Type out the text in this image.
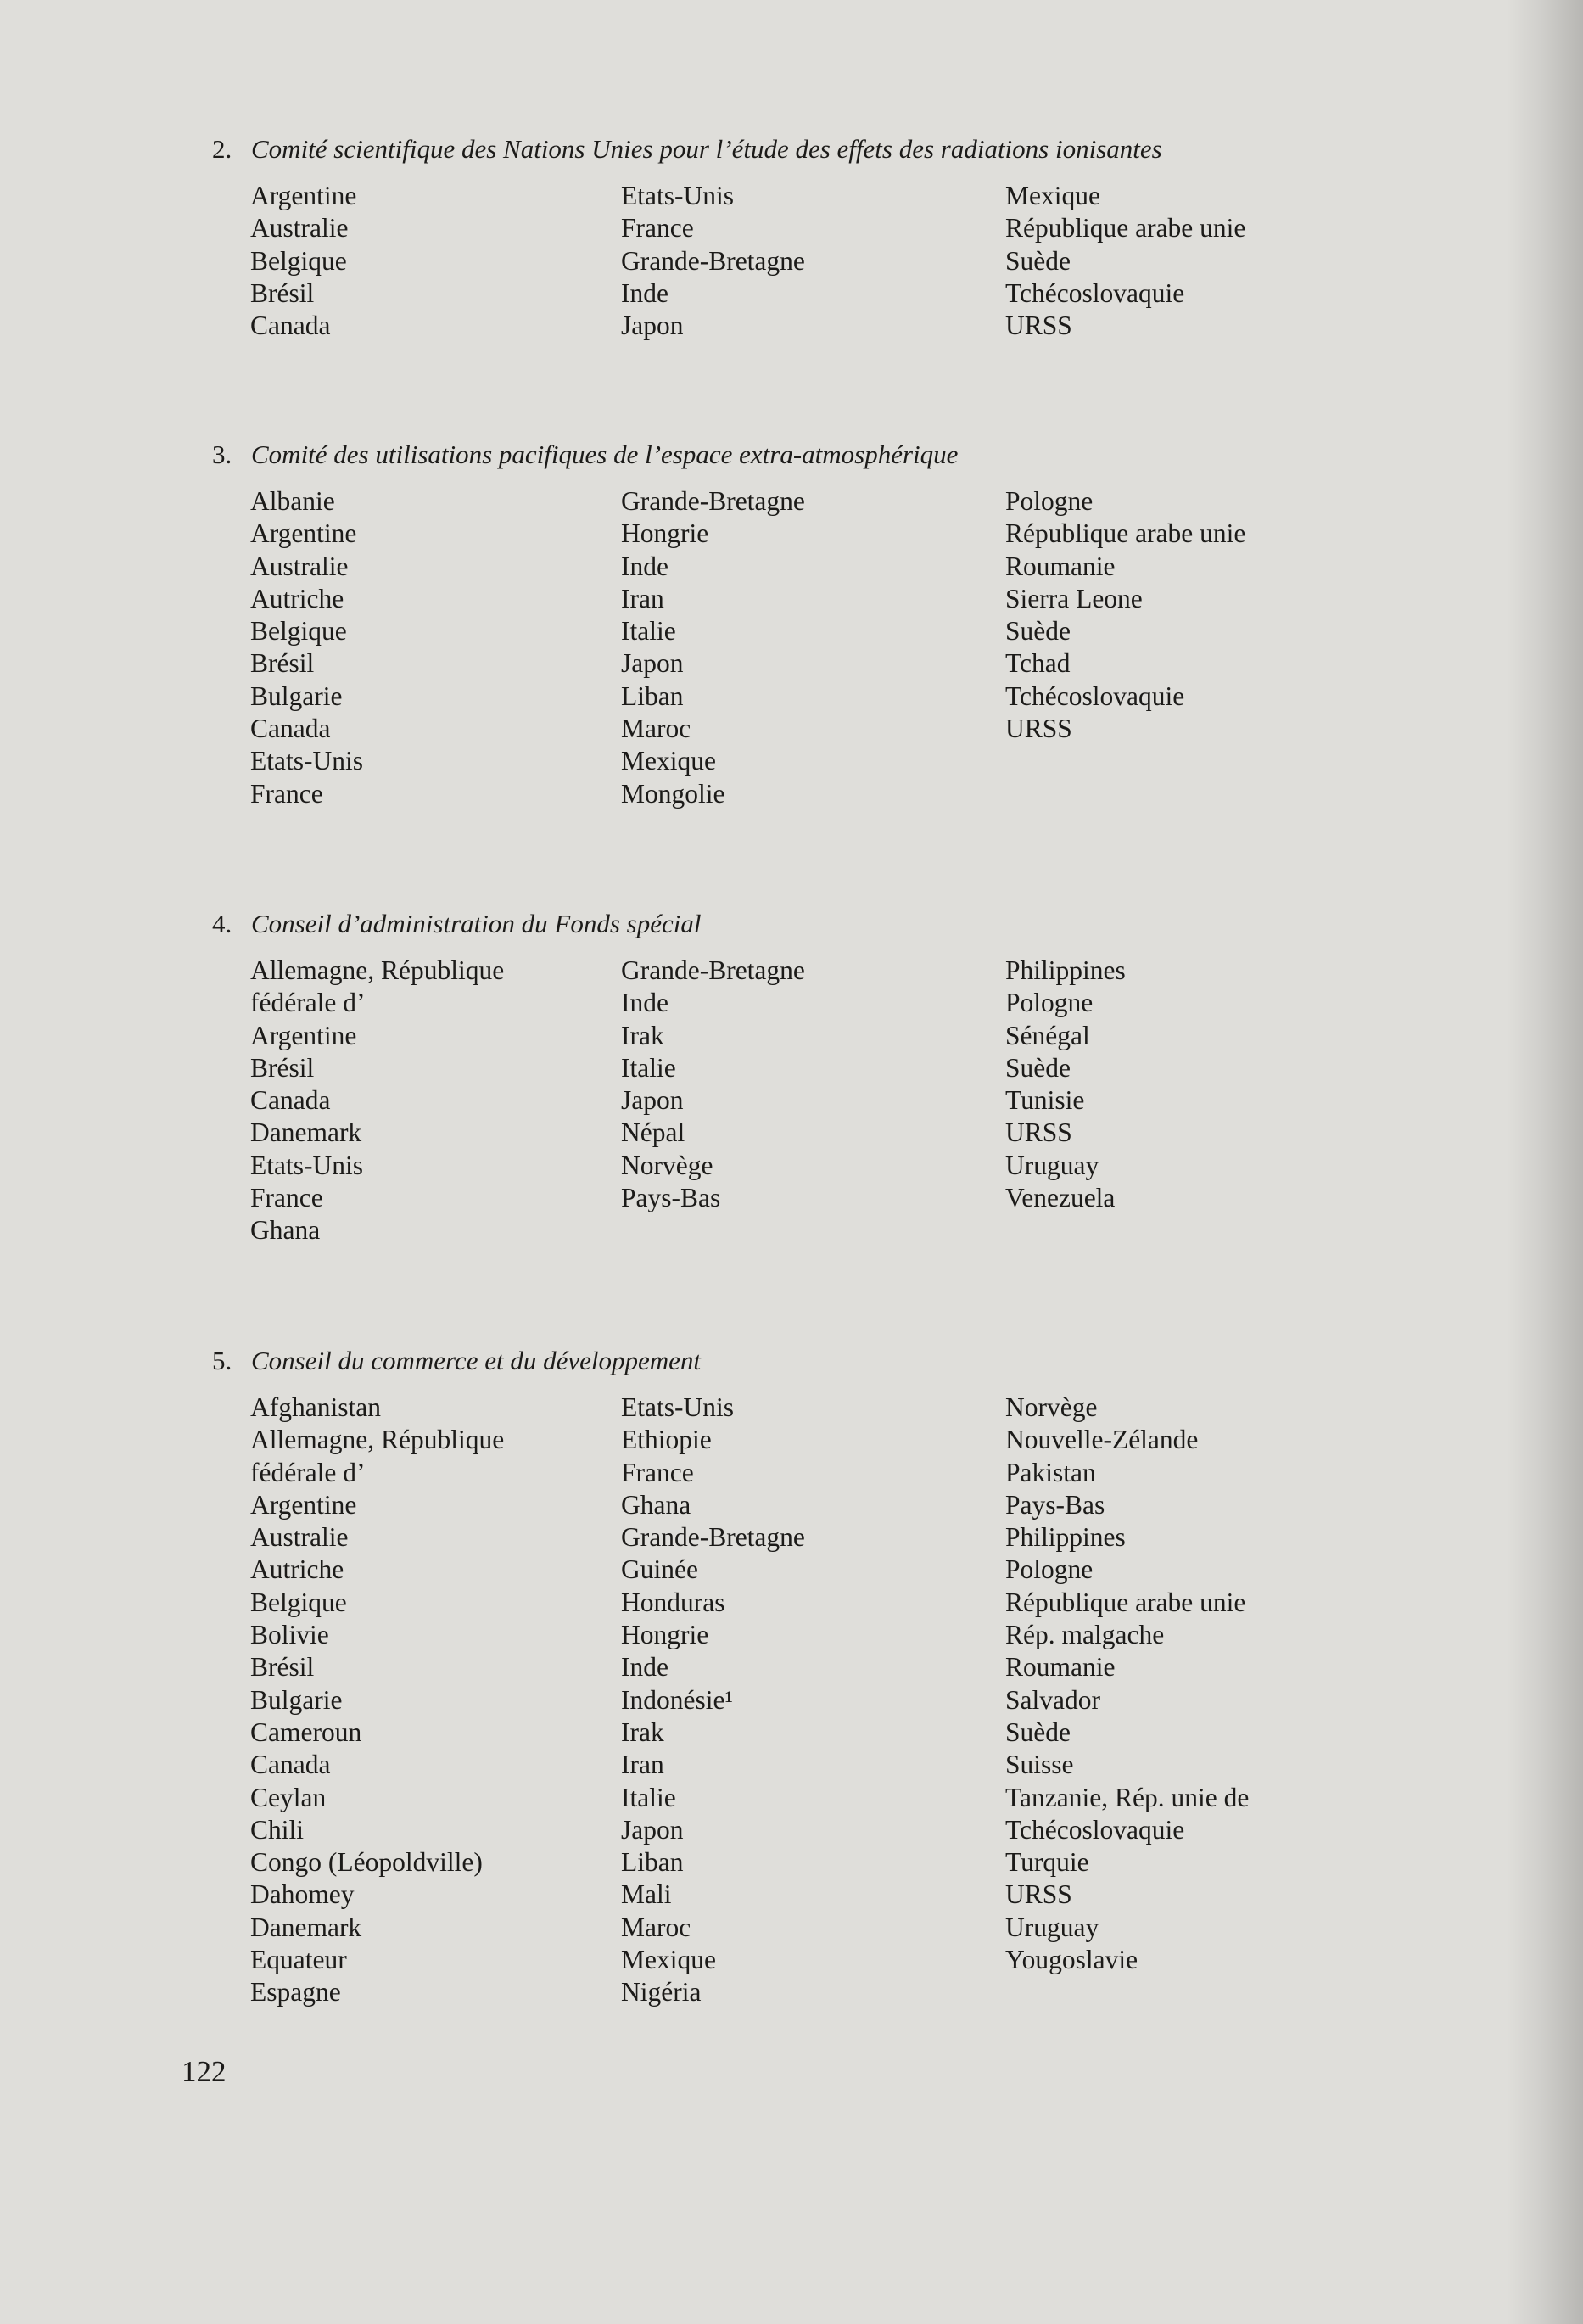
2. Comité scientifique des Nations Unies pour l’étude des effets des radiations ionisantes
Argentine
Australie
Belgique
Brésil
Canada
Etats-Unis
France
Grande-Bretagne
Inde
Japon
Mexique
République arabe unie
Suède
Tchécoslovaquie
URSS
3. Comité des utilisations pacifiques de l’espace extra-atmosphérique
Albanie
Argentine
Australie
Autriche
Belgique
Brésil
Bulgarie
Canada
Etats-Unis
France
Grande-Bretagne
Hongrie
Inde
Iran
Italie
Japon
Liban
Maroc
Mexique
Mongolie
Pologne
République arabe unie
Roumanie
Sierra Leone
Suède
Tchad
Tchécoslovaquie
URSS
4. Conseil d’administration du Fonds spécial
Allemagne, République
fédérale d’
Argentine
Brésil
Canada
Danemark
Etats-Unis
France
Ghana
Grande-Bretagne
Inde
Irak
Italie
Japon
Népal
Norvège
Pays-Bas
Philippines
Pologne
Sénégal
Suède
Tunisie
URSS
Uruguay
Venezuela
5. Conseil du commerce et du développement
Afghanistan
Allemagne, République
fédérale d’
Argentine
Australie
Autriche
Belgique
Bolivie
Brésil
Bulgarie
Cameroun
Canada
Ceylan
Chili
Congo (Léopoldville)
Dahomey
Danemark
Equateur
Espagne
Etats-Unis
Ethiopie
France
Ghana
Grande-Bretagne
Guinée
Honduras
Hongrie
Inde
Indonésie¹
Irak
Iran
Italie
Japon
Liban
Mali
Maroc
Mexique
Nigéria
Norvège
Nouvelle-Zélande
Pakistan
Pays-Bas
Philippines
Pologne
République arabe unie
Rép. malgache
Roumanie
Salvador
Suède
Suisse
Tanzanie, Rép. unie de
Tchécoslovaquie
Turquie
URSS
Uruguay
Yougoslavie
122
